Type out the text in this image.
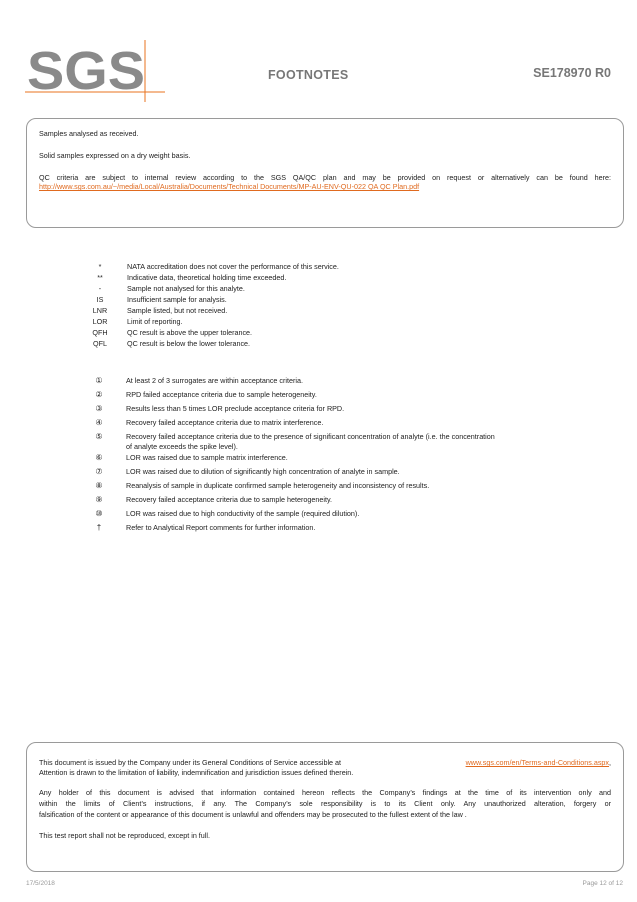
SGS	FOOTNOTES	SE178970 R0
Samples analysed as received.
Solid samples expressed on a dry weight basis.
QC criteria are subject to internal review according to the SGS QA/QC plan and may be provided on request or alternatively can be found here:
http://www.sgs.com.au/~/media/Local/Australia/Documents/Technical Documents/MP-AU-ENV-QU-022 QA QC Plan.pdf
*	NATA accreditation does not cover the performance of this service.
**	Indicative data, theoretical holding time exceeded.
-	Sample not analysed for this analyte.
IS	Insufficient sample for analysis.
LNR	Sample listed, but not received.
LOR	Limit of reporting.
QFH	QC result is above the upper tolerance.
QFL	QC result is below the lower tolerance.
①	At least 2 of 3 surrogates are within acceptance criteria.
②	RPD failed acceptance criteria due to sample heterogeneity.
③	Results less than 5 times LOR preclude acceptance criteria for RPD.
④	Recovery failed acceptance criteria due to matrix interference.
⑤	Recovery failed acceptance criteria due to the presence of significant concentration of analyte (i.e. the concentration of analyte exceeds the spike level).
⑥	LOR was raised due to sample matrix interference.
⑦	LOR was raised due to dilution of significantly high concentration of analyte in sample.
⑧	Reanalysis of sample in duplicate confirmed sample heterogeneity and inconsistency of results.
⑨	Recovery failed acceptance criteria due to sample heterogeneity.
⑩	LOR was raised due to high conductivity of the sample (required dilution).
†	Refer to Analytical Report comments for further information.
This document is issued by the Company under its General Conditions of Service accessible at	www.sgs.com/en/Terms-and-Conditions.aspx,
Attention is drawn to the limitation of liability, indemnification and jurisdiction issues defined therein.
Any holder of this document is advised that information contained hereon reflects the Company’s findings at the time of its intervention only and
within the limits of Client’s instructions, if any. The Company’s sole responsibility is to its Client only. Any unauthorized alteration, forgery or
falsification of the content or appearance of this document is unlawful and offenders may be prosecuted to the fullest extent of the law .
This test report shall not be reproduced, except in full.
17/5/2018	Page 12 of 12
